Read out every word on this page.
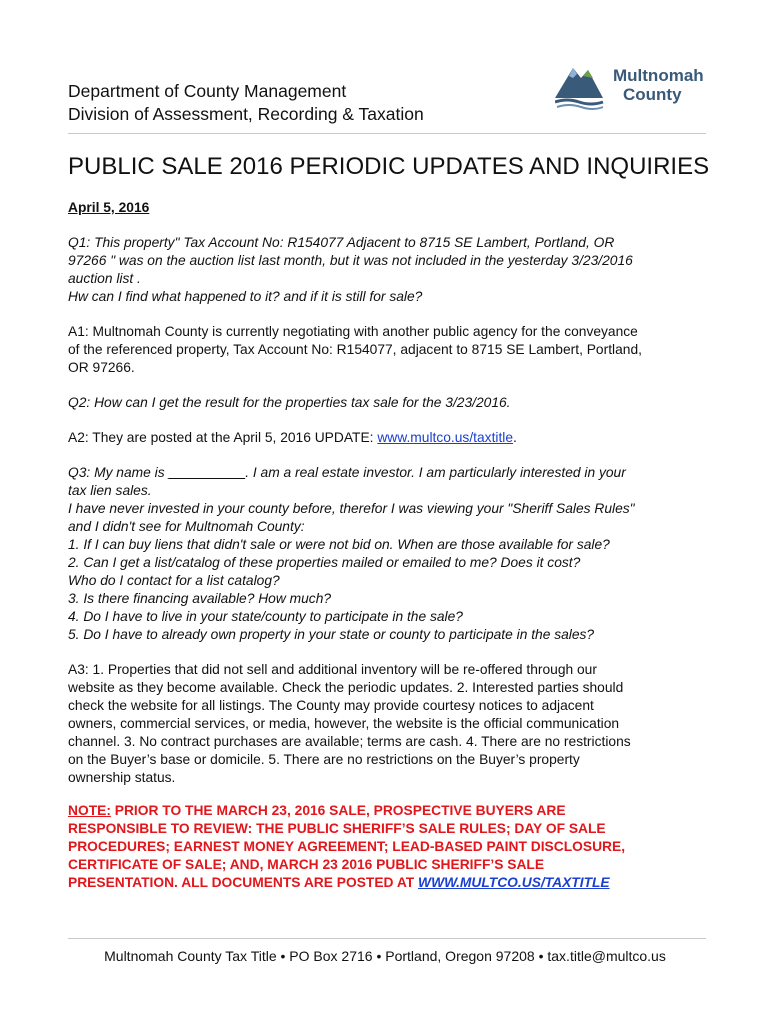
Department of County Management
Division of Assessment, Recording & Taxation
Multnomah
County
PUBLIC SALE 2016 PERIODIC UPDATES AND INQUIRIES

April 5, 2016

Q1: This property" Tax Account No: R154077 Adjacent to 8715 SE Lambert, Portland, OR
97266 " was on the auction list last month, but it was not included in the yesterday 3/23/2016
auction list .
Hw can I find what happened to it? and if it is still for sale?

A1: Multnomah County is currently negotiating with another public agency for the conveyance
of the referenced property, Tax Account No: R154077, adjacent to 8715 SE Lambert, Portland,
OR 97266.

Q2: How can I get the result for the properties tax sale for the 3/23/2016.

A2: They are posted at the April 5, 2016 UPDATE: www.multco.us/taxtitle.

Q3: My name is __________. I am a real estate investor. I am particularly interested in your
tax lien sales.
I have never invested in your county before, therefor I was viewing your "Sheriff Sales Rules"
and I didn't see for Multnomah County:
1. If I can buy liens that didn't sale or were not bid on. When are those available for sale?
2. Can I get a list/catalog of these properties mailed or emailed to me? Does it cost?
Who do I contact for a list catalog?
3. Is there financing available? How much?
4. Do I have to live in your state/county to participate in the sale?
5. Do I have to already own property in your state or county to participate in the sales?

A3: 1. Properties that did not sell and additional inventory will be re-offered through our
website as they become available. Check the periodic updates. 2. Interested parties should
check the website for all listings. The County may provide courtesy notices to adjacent
owners, commercial services, or media, however, the website is the official communication
channel. 3. No contract purchases are available; terms are cash. 4. There are no restrictions
on the Buyer’s base or domicile. 5. There are no restrictions on the Buyer’s property
ownership status.

NOTE: PRIOR TO THE MARCH 23, 2016 SALE, PROSPECTIVE BUYERS ARE
RESPONSIBLE TO REVIEW: THE PUBLIC SHERIFF’S SALE RULES; DAY OF SALE
PROCEDURES; EARNEST MONEY AGREEMENT; LEAD-BASED PAINT DISCLOSURE,
CERTIFICATE OF SALE; AND, MARCH 23 2016 PUBLIC SHERIFF’S SALE
PRESENTATION. ALL DOCUMENTS ARE POSTED AT WWW.MULTCO.US/TAXTITLE

Multnomah County Tax Title • PO Box 2716 • Portland, Oregon 97208 • tax.title@multco.us
